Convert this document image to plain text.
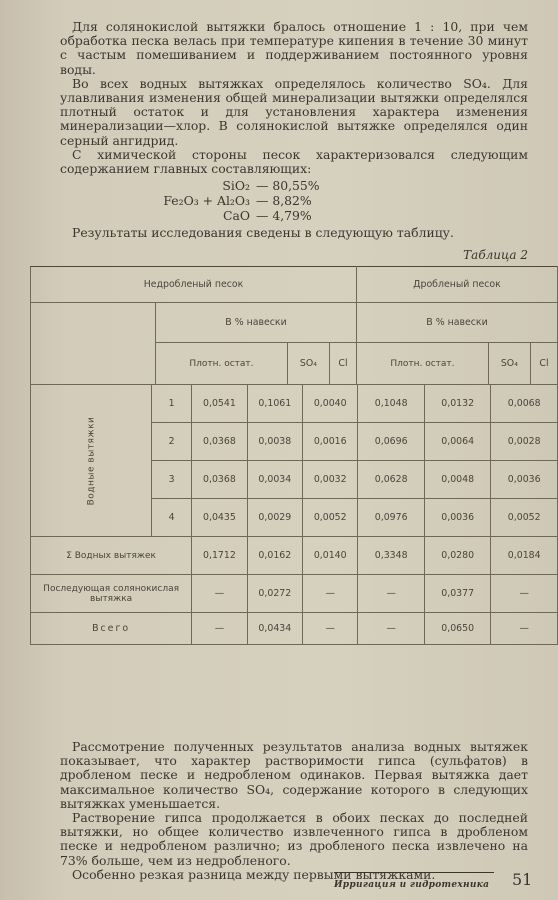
Для солянокислой вытяжки бралось отношение 1 : 10, при чем обработка песка велась при температуре кипения в течение 30 минут с частым помешиванием и поддерживанием постоянного уровня воды.

Во всех водных вытяжках определялось количество SO₄. Для улавливания изменения общей минерализации вытяжки определялся плотный остаток и для установления характера изменения минерализации—хлор. В солянокислой вытяжке определялся один серный ангидрид.

С химической стороны песок характеризовался следующим содержанием главных составляющих:

SiO₂ — 80,55%
Fe₂O₃ + Al₂O₃ — 8,82%
CaO — 4,79%

Результаты исследования сведены в следующую таблицу.

Таблица 2
Недробленый песок				Дробленый песок		
	В % навески			В % навески		
	Плотн. остат.	SO₄	Cl	Плотн. остат.	SO₄	Cl
Водные вытяжки	1	0,0541	0,1061	0,0040	0,1048	0,0132	0,0068
	2	0,0368	0,0038	0,0016	0,0696	0,0064	0,0028
	3	0,0368	0,0034	0,0032	0,0628	0,0048	0,0036
	4	0,0435	0,0029	0,0052	0,0976	0,0036	0,0052
Σ Водных вытяжек		0,1712	0,0162	0,0140	0,3348	0,0280	0,0184
Последующая солянокислая вытяжка		—	0,0272	—	—	0,0377	—
Всего		—	0,0434	—	—	0,0650	—

Рассмотрение полученных результатов анализа водных вытяжек показывает, что характер растворимости гипса (сульфатов) в дробленом песке и недробленом одинаков. Первая вытяжка дает максимальное количество SO₄, содержание которого в следующих вытяжках уменьшается.

Растворение гипса продолжается в обоих песках до последней вытяжки, но общее количество извлеченного гипса в дробленом песке и недробленом различно; из дробленого песка извлечено на 73% больше, чем из недробленого.

Особенно резкая разница между первыми вытяжками.

Ирригация и гидротехника 51
